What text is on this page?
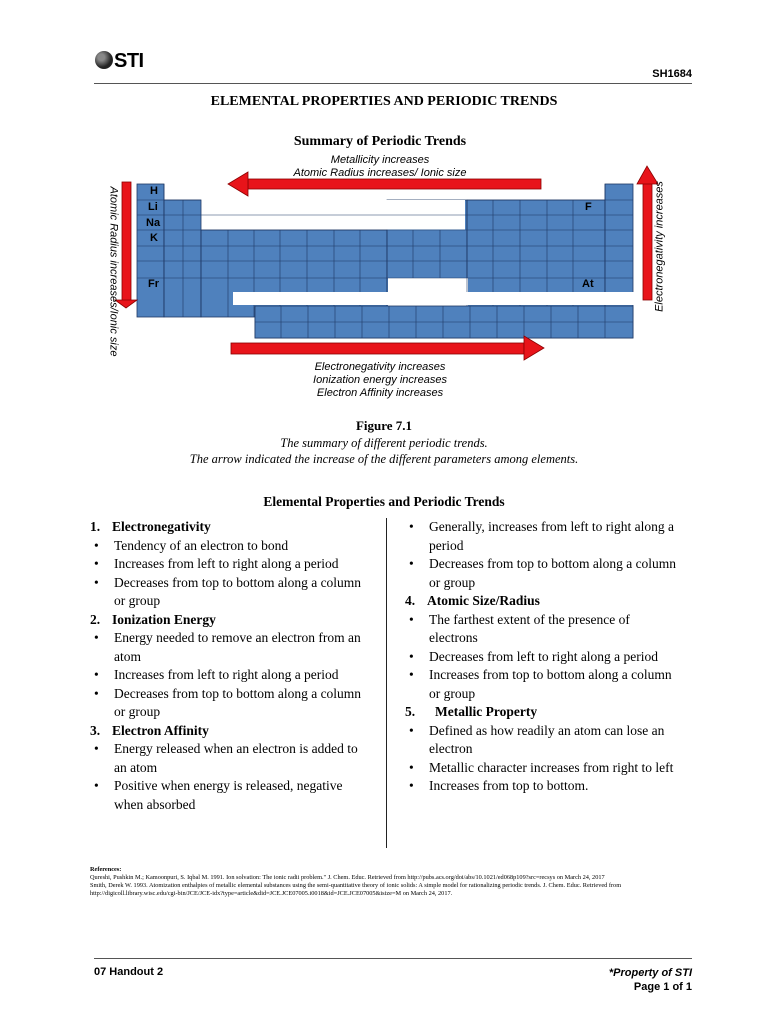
STI
SH1684
ELEMENTAL PROPERTIES AND PERIODIC TRENDS
Summary of Periodic Trends
Metallicity increases
Atomic Radius increases/ Ionic size
H
Li
Na
K
Fr
F
At
Atomic Radius increases/Ionic size	Electronegativity increases
Electronegativity increases
Ionization energy increases
Electron Affinity increases
Figure 7.1
The summary of different periodic trends.
The arrow indicated the increase of the different parameters among elements.
Elemental Properties and Periodic Trends
1. Electronegativity
• Tendency of an electron to bond
• Increases from left to right along a period
• Decreases from top to bottom along a column or group
2. Ionization Energy
• Energy needed to remove an electron from an atom
• Increases from left to right along a period
• Decreases from top to bottom along a column or group
3. Electron Affinity
• Energy released when an electron is added to an atom
• Positive when energy is released, negative when absorbed
• Generally, increases from left to right along a period
• Decreases from top to bottom along a column or group
4. Atomic Size/Radius
• The farthest extent of the presence of electrons
• Decreases from left to right along a period
• Increases from top to bottom along a column or group
5. Metallic Property
• Defined as how readily an atom can lose an electron
• Metallic character increases from right to left
• Increases from top to bottom.
References:
Qureshi, Pushkin M.; Kamoonpuri, S. Iqbal M. 1991. Ion solvation: The ionic radii problem." J. Chem. Educ. Retrieved from http://pubs.acs.org/doi/abs/10.1021/ed068p109?src=recsys on March 24, 2017
Smith, Derek W. 1993. Atomization enthalpies of metallic elemental substances using the semi-quantitative theory of ionic solids: A simple model for rationalizing periodic trends. J. Chem. Educ. Retrieved from http://digicoll.library.wisc.edu/cgi-bin/JCE/JCE-idx?type=article&did=JCE.JCE07005.i0018&id=JCE.JCE07005&isize=M on March 24, 2017.
07 Handout 2	*Property of STI
Page 1 of 1
